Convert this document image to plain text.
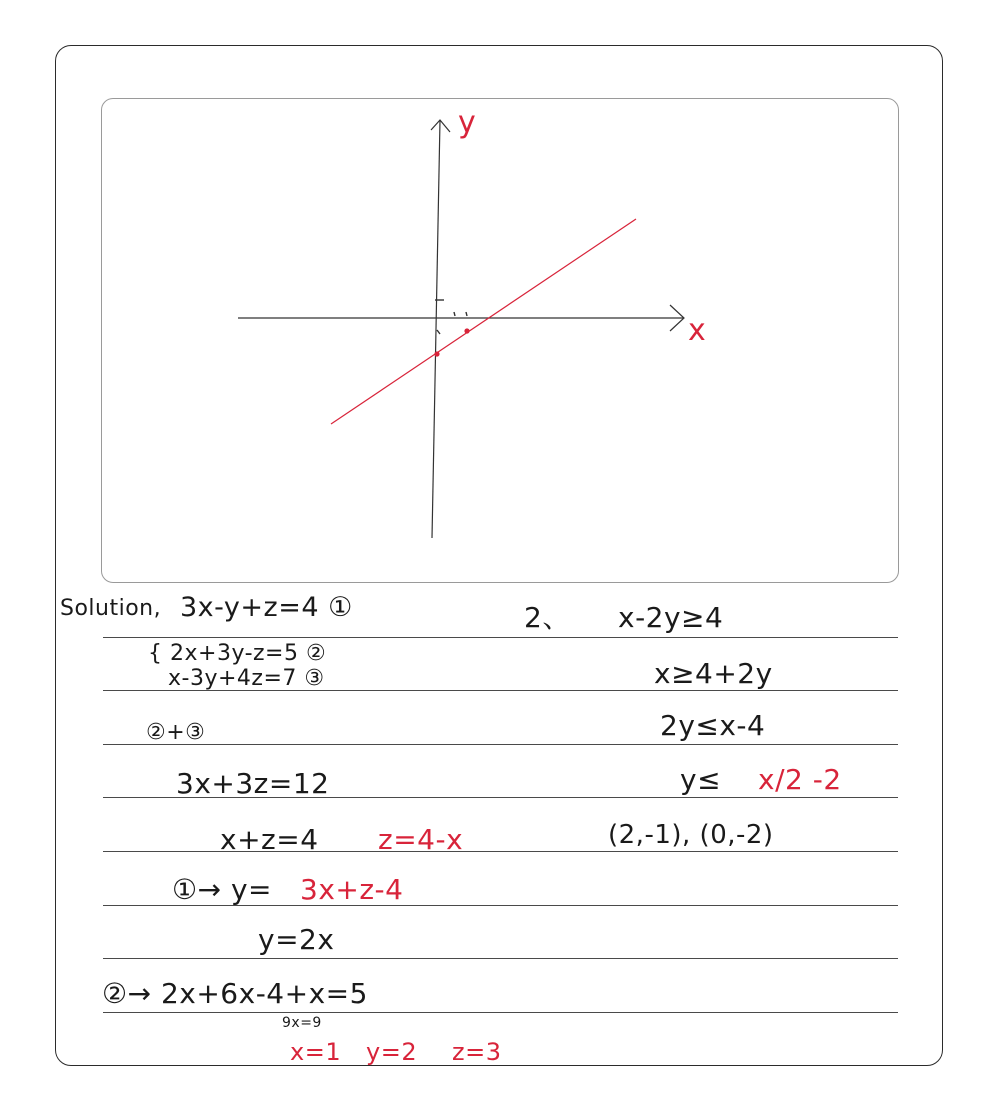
y
x
Solution, 3x-y+z=4 ①
{ 2x+3y-z=5 ②
x-3y+4z=7 ③
②+③
3x+3z=12
x+z=4 z=4-x
①→ y= 3x+z-4
y=2x
②→ 2x+6x-4+x=5
9x=9
x=1 y=2 z=3
2、 x-2y≥4
x≥4+2y
2y≤x-4
y≤ x/2 -2
(2,-1), (0,-2)
